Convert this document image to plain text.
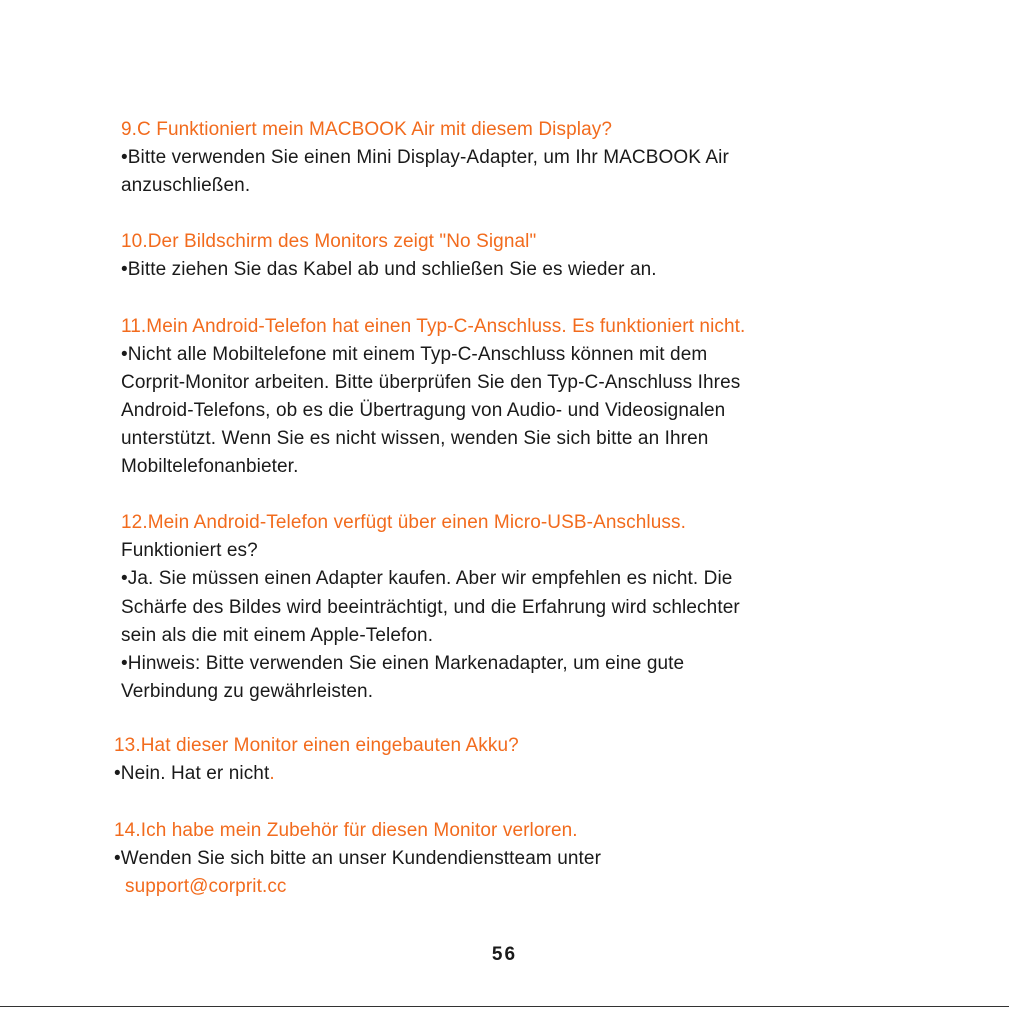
9.C Funktioniert mein MACBOOK Air mit diesem Display?
•Bitte verwenden Sie einen Mini Display-Adapter, um Ihr MACBOOK Air
anzuschließen.
10.Der Bildschirm des Monitors zeigt "No Signal"
•Bitte ziehen Sie das Kabel ab und schließen Sie es wieder an.
11.Mein Android-Telefon hat einen Typ-C-Anschluss. Es funktioniert nicht.
•Nicht alle Mobiltelefone mit einem Typ-C-Anschluss können mit dem
Corprit-Monitor arbeiten. Bitte überprüfen Sie den Typ-C-Anschluss Ihres
Android-Telefons, ob es die Übertragung von Audio- und Videosignalen
unterstützt. Wenn Sie es nicht wissen, wenden Sie sich bitte an Ihren
Mobiltelefonanbieter.
12.Mein Android-Telefon verfügt über einen Micro-USB-Anschluss.
Funktioniert es?
•Ja. Sie müssen einen Adapter kaufen. Aber wir empfehlen es nicht. Die
Schärfe des Bildes wird beeinträchtigt, und die Erfahrung wird schlechter
sein als die mit einem Apple-Telefon.
•Hinweis: Bitte verwenden Sie einen Markenadapter, um eine gute
Verbindung zu gewährleisten.
13.Hat dieser Monitor einen eingebauten Akku?
•Nein. Hat er nicht.
14.Ich habe mein Zubehör für diesen Monitor verloren.
•Wenden Sie sich bitte an unser Kundendienstteam unter
support@corprit.cc
56
